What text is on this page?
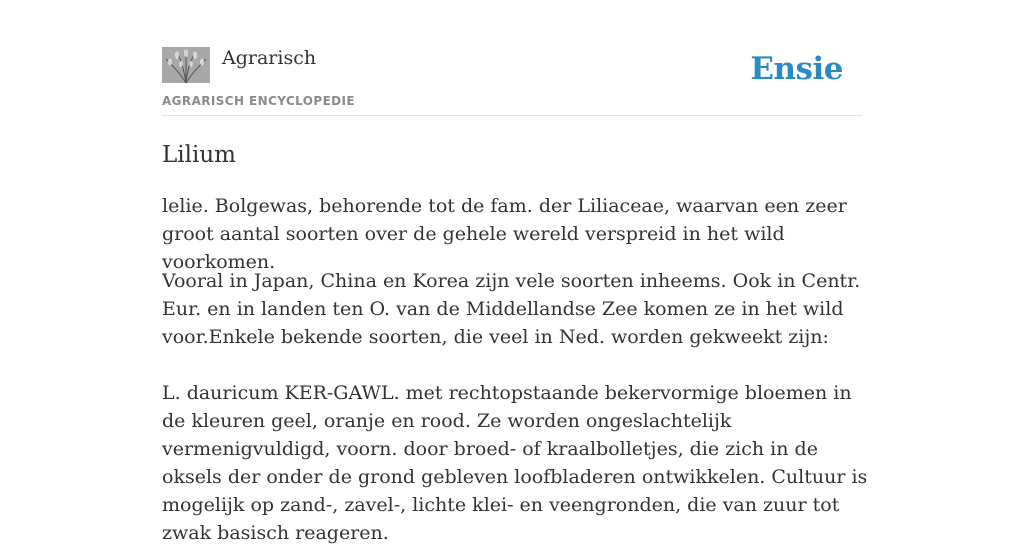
Agrarisch
AGRARISCH ENCYCLOPEDIE
Ensie
Lilium

lelie. Bolgewas, behorende tot de fam. der Liliaceae, waarvan een zeer groot aantal soorten over de gehele wereld verspreid in het wild voorkomen.

Vooral in Japan, China en Korea zijn vele soorten inheems. Ook in Centr. Eur. en in landen ten O. van de Middellandse Zee komen ze in het wild voor.Enkele bekende soorten, die veel in Ned. worden gekweekt zijn:

L. dauricum KER-GAWL. met rechtopstaande bekervormige bloemen in de kleuren geel, oranje en rood. Ze worden ongeslachtelijk vermenigvuldigd, voorn. door broed- of kraalbolletjes, die zich in de oksels der onder de grond gebleven loofbladeren ontwikkelen. Cultuur is mogelijk op zand-, zavel-, lichte klei- en veengronden, die van zuur tot zwak basisch reageren.
